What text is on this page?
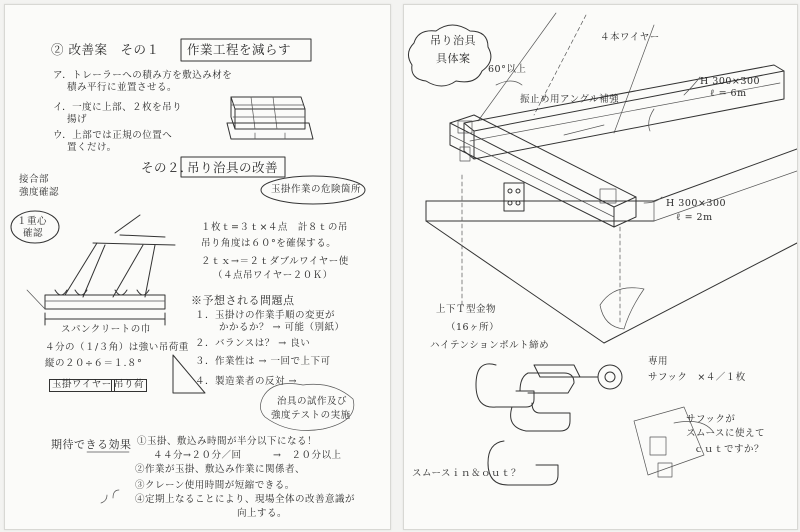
② 改善案　その１ 作業工程を減らす
ア．トレーラーへの積み方を敷込み材を
積み平行に並置させる。
イ．一度に上部、２枚を吊り
揚げ
ウ．上部では正規の位置へ
置くだけ。
その２．
吊り治具の改善
接合部
強度確認
１重心
確認
玉掛作業の危険箇所
１枚ｔ=３ｔ×４点　計８ｔの吊
吊り角度は６０°を確保する。
２ｔｘ→＝２ｔダブルワイヤー使
（４点吊ワイヤー２０Ｋ）
スパンクリートの巾
４分の（１/３角）は強い吊荷重
縦の２０÷６＝１.８°
玉掛ワイヤー 吊り荷
※予想される問題点
１．玉掛けの作業手順の変更が
かかるか？ → 可能（別紙）
２．バランスは？ → 良い
３．作業性は → 一回で上下可
４．製造業者の反対 →
治具の試作及び
強度テストの実施
期待できる効果 ①玉掛、敷込み時間が半分以下になる！
４４分→２０分／回	→　２０分以上
②作業が玉掛、敷込み作業に関係者、
③クレーン使用時間が短縮できる。
④定期上なることにより、現場全体の改善意識が
向上する。
吊り治具
具体案
60°以上
４本ワイヤー
振止め用アングル補強
H 300×300
ℓ = 6m
H 300×300
ℓ = 2m
上下Ｔ型金物
（16ヶ所）
ハイテンションボルト締め
専用
サフック　×４／１枚
スムースｉｎ＆ｏｕｔ？
サフックが
スムースに使えて
ｃｕｔですか？
